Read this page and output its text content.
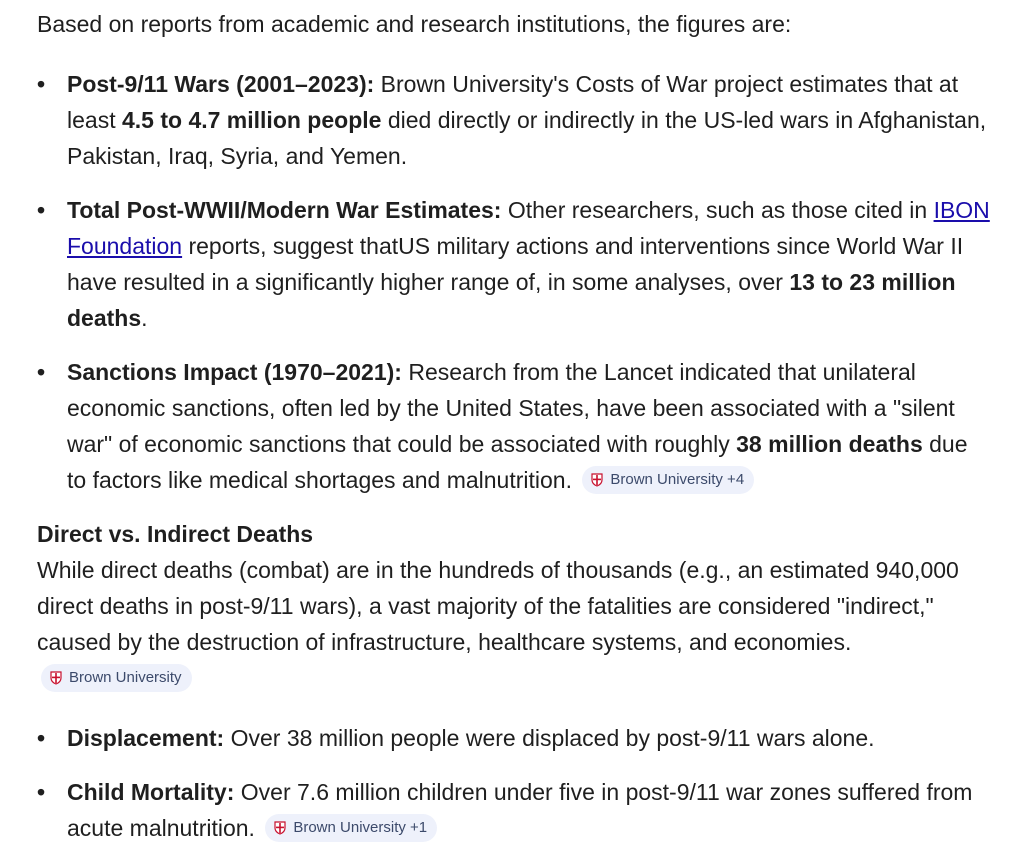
Based on reports from academic and research institutions, the figures are:

• Post-9/11 Wars (2001–2023): Brown University's Costs of War project estimates that at least 4.5 to 4.7 million people died directly or indirectly in the US-led wars in Afghanistan, Pakistan, Iraq, Syria, and Yemen.
• Total Post-WWII/Modern War Estimates: Other researchers, such as those cited in IBON Foundation reports, suggest thatUS military actions and interventions since World War II have resulted in a significantly higher range of, in some analyses, over 13 to 23 million deaths.
• Sanctions Impact (1970–2021): Research from the Lancet indicated that unilateral economic sanctions, often led by the United States, have been associated with a "silent war" of economic sanctions that could be associated with roughly 38 million deaths due to factors like medical shortages and malnutrition.	Brown University +4
Direct vs. Indirect Deaths

While direct deaths (combat) are in the hundreds of thousands (e.g., an estimated 940,000 direct deaths in post-9/11 wars), a vast majority of the fatalities are considered "indirect," caused by the destruction of infrastructure, healthcare systems, and economies.
Brown University

• Displacement: Over 38 million people were displaced by post-9/11 wars alone.
• Child Mortality: Over 7.6 million children under five in post-9/11 war zones suffered from acute malnutrition.	Brown University +1
